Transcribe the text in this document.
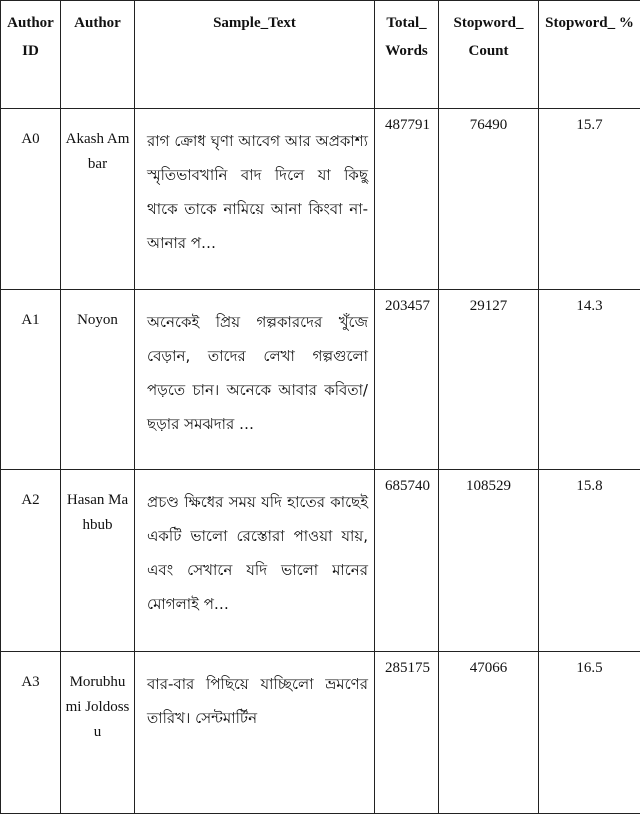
Author ID	Author	Sample_Text	Total_ Words	Stopword_ Count	Stopword_ %
A0	Akash Ambar	রাগ ক্রোধ ঘৃণা আবেগ আর অপ্রকাশ্য স্মৃতিভাবখানি বাদ দিলে যা কিছু থাকে তাকে নামিয়ে আনা কিংবা না-আনার প…	487791	76490	15.7
A1	Noyon	অনেকেই প্রিয় গল্পকারদের খুঁজে বেড়ান, তাদের লেখা গল্পগুলো পড়তে চান। অনেকে আবার কবিতা/ছড়ার সমঝদার …	203457	29127	14.3
A2	Hasan Mahbub	প্রচণ্ড ক্ষিধের সময় যদি হাতের কাছেই একটি ভালো রেস্তোরা পাওয়া যায়, এবং সেখানে যদি ভালো মানের মোগলাই প…	685740	108529	15.8
A3	Morubhumi Joldossu	বার-বার পিছিয়ে যাচ্ছিলো ভ্রমণের তারিখ। সেন্টমার্টিন	285175	47066	16.5
